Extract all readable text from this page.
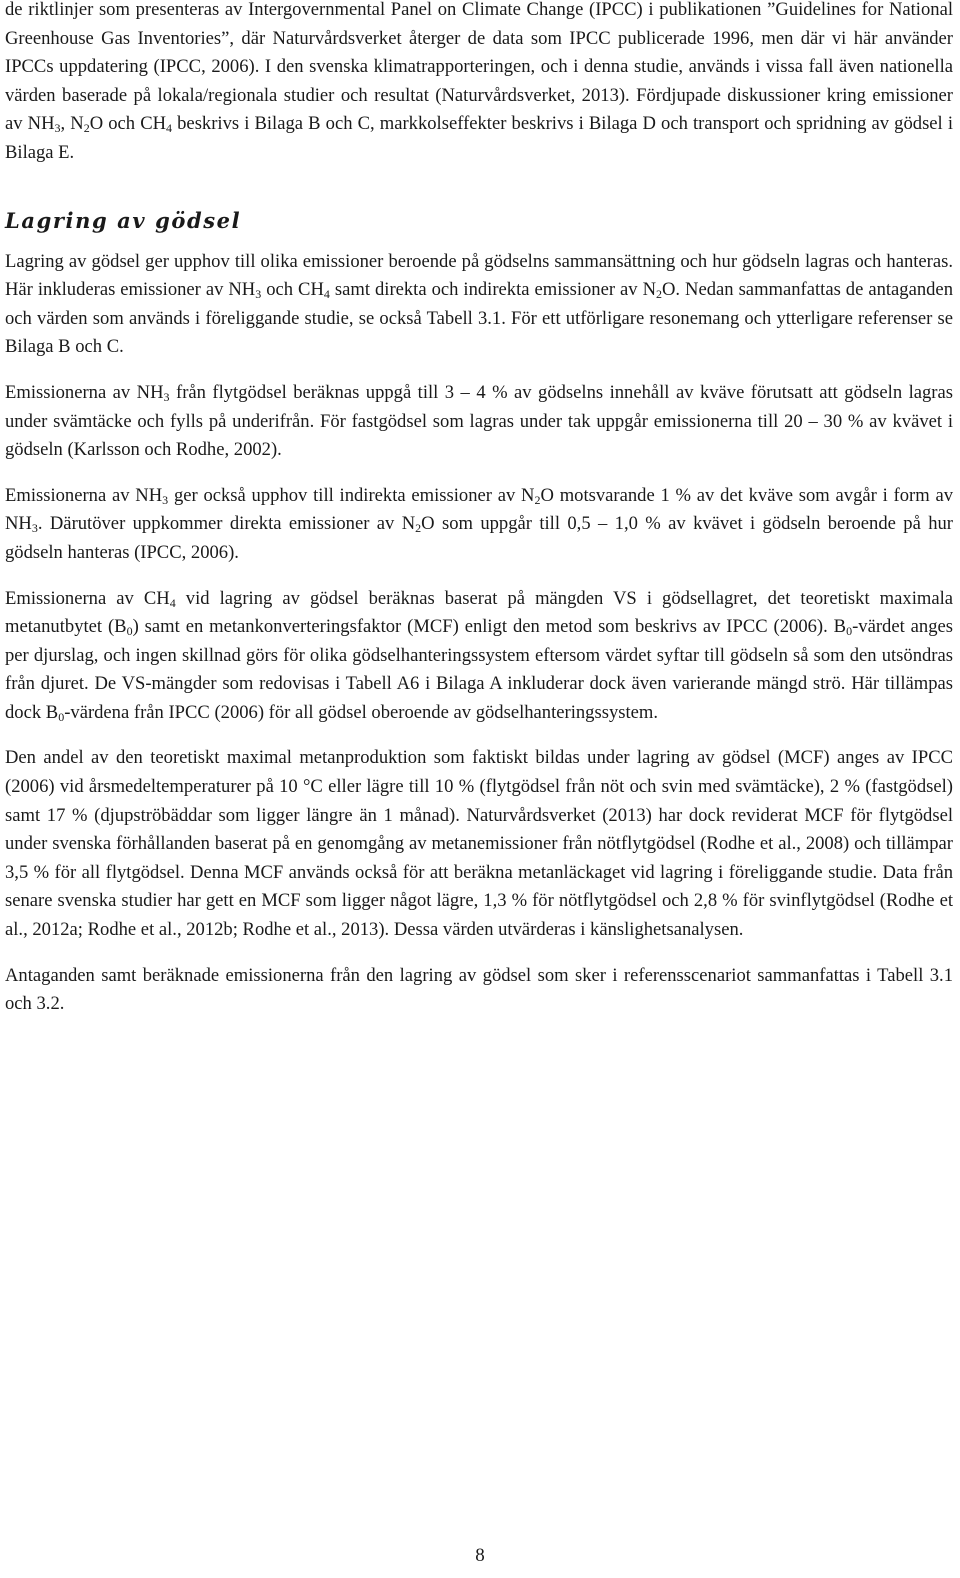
de riktlinjer som presenteras av Intergovernmental Panel on Climate Change (IPCC) i publikationen ”Guidelines for National Greenhouse Gas Inventories”, där Naturvårdsverket återger de data som IPCC publicerade 1996, men där vi här använder IPCCs uppdatering (IPCC, 2006). I den svenska klimatrapporteringen, och i denna studie, används i vissa fall även nationella värden baserade på lokala/regionala studier och resultat (Naturvårdsverket, 2013). Fördjupade diskussioner kring emissioner av $NH_3$, $N_2O$ och $CH_4$ beskrivs i Bilaga B och C, markkolseffekter beskrivs i Bilaga D och transport och spridning av gödsel i Bilaga E.

Lagring av gödsel

Lagring av gödsel ger upphov till olika emissioner beroende på gödselns sammansättning och hur gödseln lagras och hanteras. Här inkluderas emissioner av $NH_3$ och $CH_4$ samt direkta och indirekta emissioner av $N_2O$. Nedan sammanfattas de antaganden och värden som används i föreliggande studie, se också Tabell 3.1. För ett utförligare resonemang och ytterligare referenser se Bilaga B och C.

Emissionerna av $NH_3$ från flytgödsel beräknas uppgå till 3 – 4 % av gödselns innehåll av kväve förutsatt att gödseln lagras under svämtäcke och fylls på underifrån. För fastgödsel som lagras under tak uppgår emissionerna till 20 – 30 % av kvävet i gödseln (Karlsson och Rodhe, 2002).

Emissionerna av $NH_3$ ger också upphov till indirekta emissioner av $N_2O$ motsvarande 1 % av det kväve som avgår i form av $NH_3$. Därutöver uppkommer direkta emissioner av $N_2O$ som uppgår till 0,5 – 1,0 % av kvävet i gödseln beroende på hur gödseln hanteras (IPCC, 2006).

Emissionerna av $CH_4$ vid lagring av gödsel beräknas baserat på mängden VS i gödsellagret, det teoretiskt maximala metanutbytet $(B_0)$ samt en metankonverteringsfaktor (MCF) enligt den metod som beskrivs av IPCC (2006). $B_0$-värdet anges per djurslag, och ingen skillnad görs för olika gödselhanteringssystem eftersom värdet syftar till gödseln så som den utsöndras från djuret. De VS-mängder som redovisas i Tabell A6 i Bilaga A inkluderar dock även varierande mängd strö. Här tillämpas dock $B_0$-värdena från IPCC (2006) för all gödsel oberoende av gödselhanteringssystem.

Den andel av den teoretiskt maximal metanproduktion som faktiskt bildas under lagring av gödsel (MCF) anges av IPCC (2006) vid årsmedeltemperaturer på 10 °C eller lägre till 10 % (flytgödsel från nöt och svin med svämtäcke), 2 % (fastgödsel) samt 17 % (djupströbäddar som ligger längre än 1 månad). Naturvårdsverket (2013) har dock reviderat MCF för flytgödsel under svenska förhållanden baserat på en genomgång av metanemissioner från nötflytgödsel (Rodhe et al., 2008) och tillämpar 3,5 % för all flytgödsel. Denna MCF används också för att beräkna metanläckaget vid lagring i föreliggande studie. Data från senare svenska studier har gett en MCF som ligger något lägre, 1,3 % för nötflytgödsel och 2,8 % för svinflytgödsel (Rodhe et al., 2012a; Rodhe et al., 2012b; Rodhe et al., 2013). Dessa värden utvärderas i känslighetsanalysen.

Antaganden samt beräknade emissionerna från den lagring av gödsel som sker i referensscenariot sammanfattas i Tabell 3.1 och 3.2.

8
